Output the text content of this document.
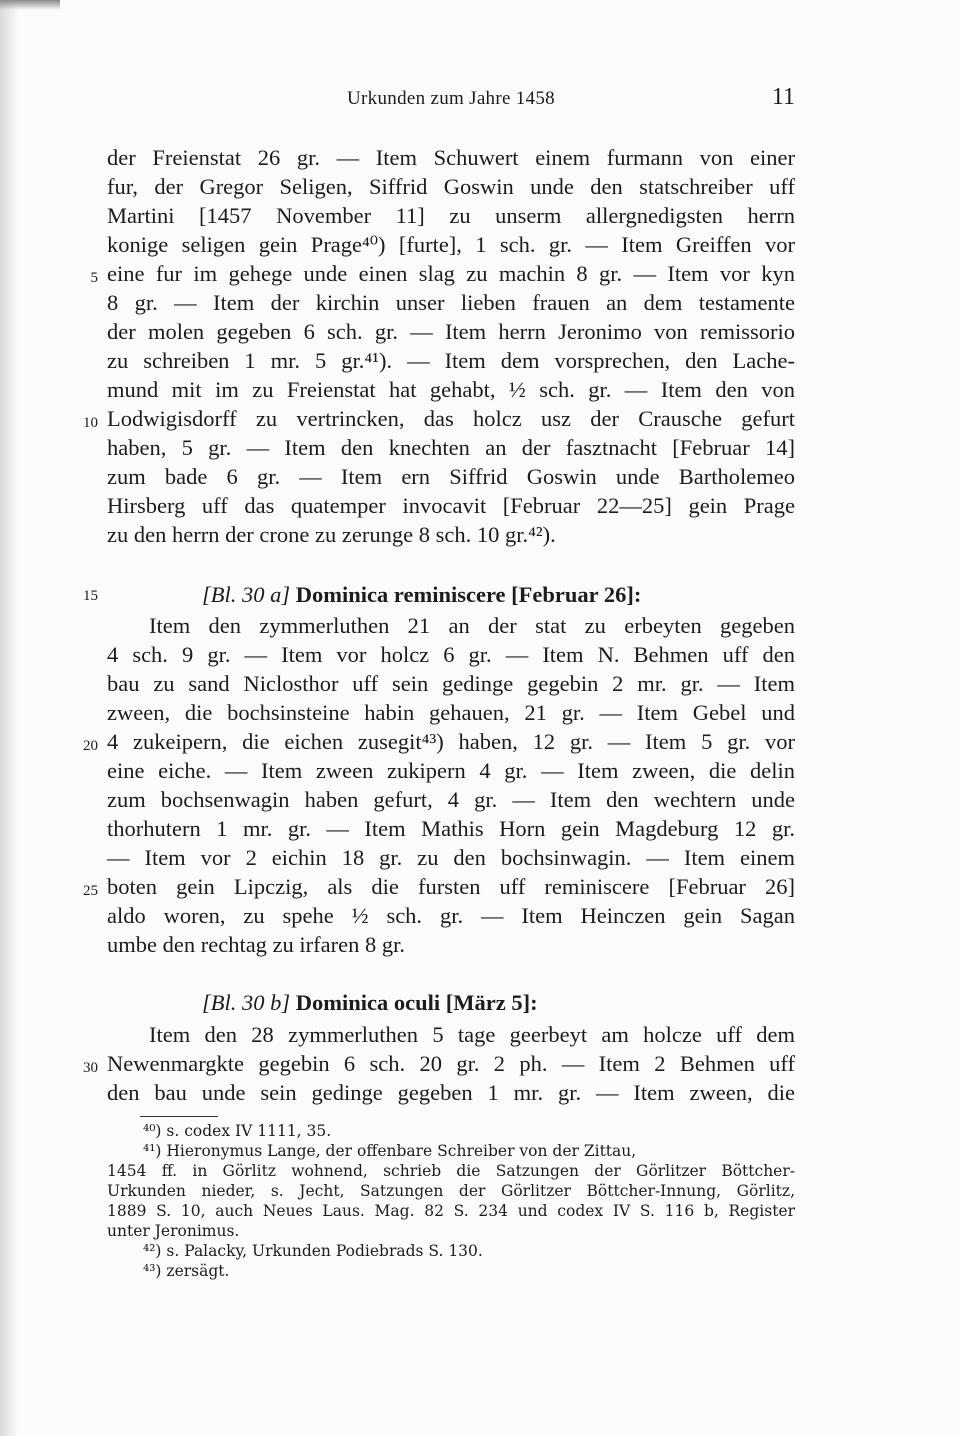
Urkunden zum Jahre 1458	11
der Freienstat 26 gr. — Item Schuwert einem furmann von einer
fur, der Gregor Seligen, Siffrid Goswin unde den statschreiber uff
Martini [1457 November 11] zu unserm allergnedigsten herrn
konige seligen gein Prage⁴⁰) [furte], 1 sch. gr. — Item Greiffen vor
eine fur im gehege unde einen slag zu machin 8 gr. — Item vor kyn
8 gr. — Item der kirchin unser lieben frauen an dem testamente
der molen gegeben 6 sch. gr. — Item herrn Jeronimo von remissorio
zu schreiben 1 mr. 5 gr.⁴¹). — Item dem vorsprechen, den Lache-
mund mit im zu Freienstat hat gehabt, ½ sch. gr. — Item den von
Lodwigisdorff zu vertrincken, das holcz usz der Crausche gefurt
haben, 5 gr. — Item den knechten an der fasztnacht [Februar 14]
zum bade 6 gr. — Item ern Siffrid Goswin unde Bartholemeo
Hirsberg uff das quatemper invocavit [Februar 22—25] gein Prage
zu den herrn der crone zu zerunge 8 sch. 10 gr.⁴²).
[Bl. 30 a] Dominica reminiscere [Februar 26]:
Item den zymmerluthen 21 an der stat zu erbeyten gegeben
4 sch. 9 gr. — Item vor holcz 6 gr. — Item N. Behmen uff den
bau zu sand Niclosthor uff sein gedinge gegebin 2 mr. gr. — Item
zween, die bochsinsteine habin gehauen, 21 gr. — Item Gebel und
4 zukeipern, die eichen zusegit⁴³) haben, 12 gr. — Item 5 gr. vor
eine eiche. — Item zween zukipern 4 gr. — Item zween, die delin
zum bochsenwagin haben gefurt, 4 gr. — Item den wechtern unde
thorhutern 1 mr. gr. — Item Mathis Horn gein Magdeburg 12 gr.
— Item vor 2 eichin 18 gr. zu den bochsinwagin. — Item einem
boten gein Lipczig, als die fursten uff reminiscere [Februar 26]
aldo woren, zu spehe ½ sch. gr. — Item Heinczen gein Sagan
umbe den rechtag zu irfaren 8 gr.
[Bl. 30 b] Dominica oculi [März 5]:
Item den 28 zymmerluthen 5 tage geerbeyt am holcze uff dem
Newenmargkte gegebin 6 sch. 20 gr. 2 ph. — Item 2 Behmen uff
den bau unde sein gedinge gegeben 1 mr. gr. — Item zween, die
5
10
15
20
25
30
⁴⁰) s. codex IV 1111, 35.
⁴¹) Hieronymus Lange, der offenbare Schreiber von der Zittau,
1454 ff. in Görlitz wohnend, schrieb die Satzungen der Görlitzer Böttcher-
Urkunden nieder, s. Jecht, Satzungen der Görlitzer Böttcher-Innung, Görlitz,
1889 S. 10, auch Neues Laus. Mag. 82 S. 234 und codex IV S. 116 b, Register
unter Jeronimus.
⁴²) s. Palacky, Urkunden Podiebrads S. 130.
⁴³) zersägt.
